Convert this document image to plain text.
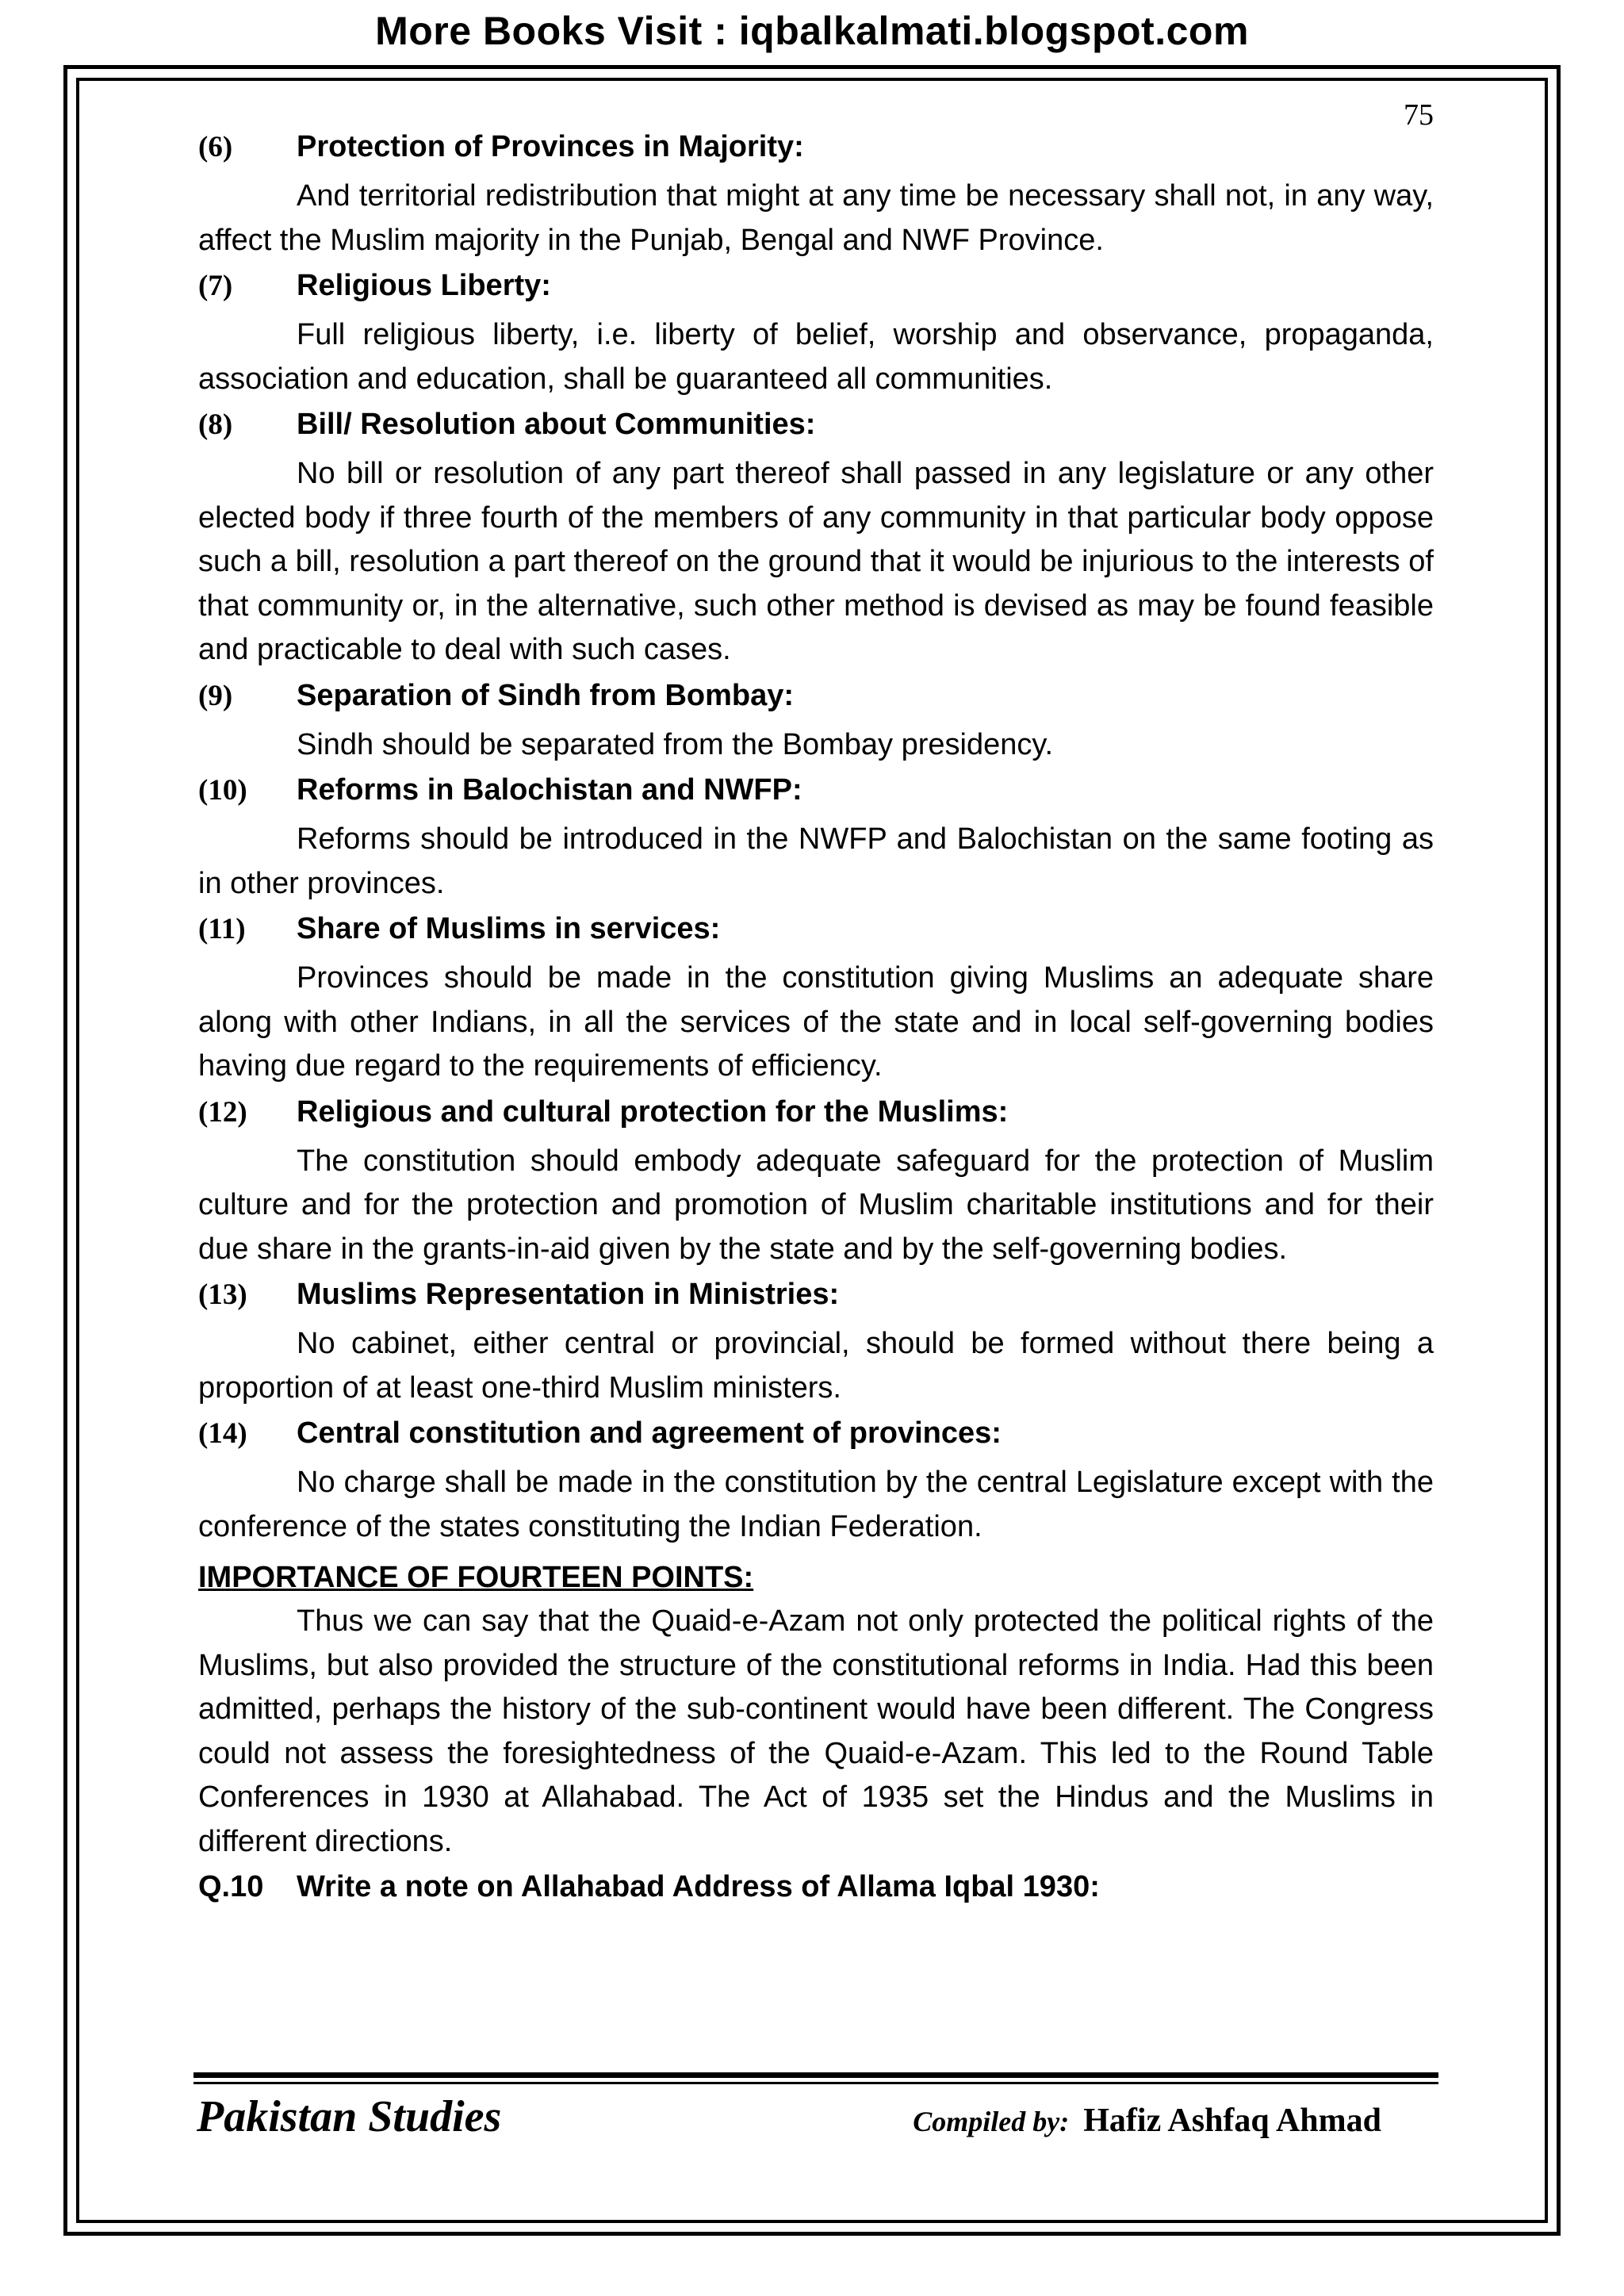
More Books Visit : iqbalkalmati.blogspot.com
75
(6)	Protection of Provinces in Majority:

And territorial redistribution that might at any time be necessary shall not, in any way, affect the Muslim majority in the Punjab, Bengal and NWF Province.

(7)	Religious Liberty:

Full religious liberty, i.e. liberty of belief, worship and observance, propaganda, association and education, shall be guaranteed all communities.

(8)	Bill/ Resolution about Communities:

No bill or resolution of any part thereof shall passed in any legislature or any other elected body if three fourth of the members of any community in that particular body oppose such a bill, resolution a part thereof on the ground that it would be injurious to the interests of that community or, in the alternative, such other method is devised as may be found feasible and practicable to deal with such cases.

(9)	Separation of Sindh from Bombay:

Sindh should be separated from the Bombay presidency.

(10)	Reforms in Balochistan and NWFP:

Reforms should be introduced in the NWFP and Balochistan on the same footing as in other provinces.

(11)	Share of Muslims in services:

Provinces should be made in the constitution giving Muslims an adequate share along with other Indians, in all the services of the state and in local self-governing bodies having due regard to the requirements of efficiency.

(12)	Religious and cultural protection for the Muslims:

The constitution should embody adequate safeguard for the protection of Muslim culture and for the protection and promotion of Muslim charitable institutions and for their due share in the grants-in-aid given by the state and by the self-governing bodies.

(13)	Muslims Representation in Ministries:

No cabinet, either central or provincial, should be formed without there being a proportion of at least one-third Muslim ministers.

(14)	Central constitution and agreement of provinces:

No charge shall be made in the constitution by the central Legislature except with the conference of the states constituting the Indian Federation.

IMPORTANCE OF FOURTEEN POINTS:

Thus we can say that the Quaid-e-Azam not only protected the political rights of the Muslims, but also provided the structure of the constitutional reforms in India. Had this been admitted, perhaps the history of the sub-continent would have been different. The Congress could not assess the foresightedness of the Quaid-e-Azam. This led to the Round Table Conferences in 1930 at Allahabad. The Act of 1935 set the Hindus and the Muslims in different directions.

Q.10	Write a note on Allahabad Address of Allama Iqbal 1930:
Pakistan Studies	Compiled by: Hafiz Ashfaq Ahmad
